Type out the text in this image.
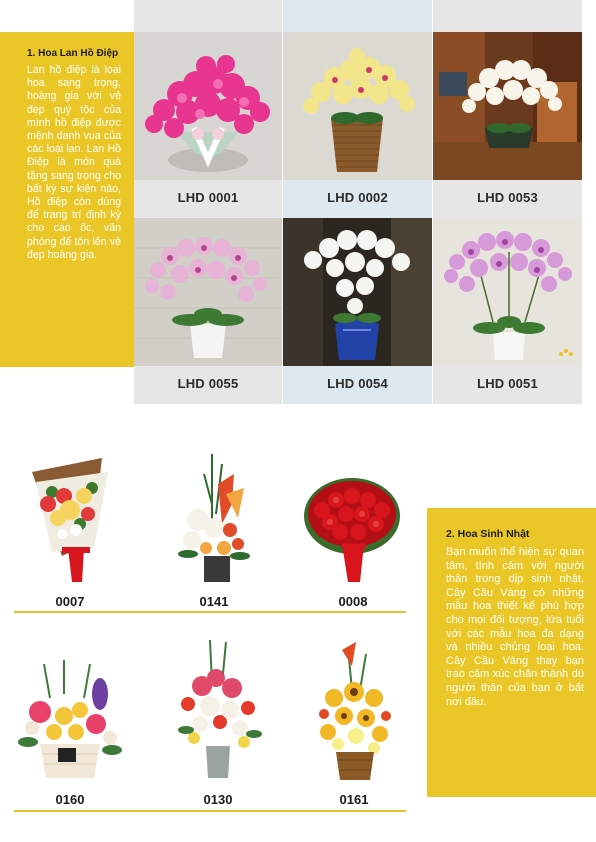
1. Hoa Lan Hồ Điệp
Lan hồ điệp là loại hoa sang trọng, hoàng gia với vẻ đẹp quý tộc của mình hồ điệp được mệnh danh vua của các loại lan. Lan Hồ Điệp là món quà tặng sang trọng cho bất kỳ sự kiện nào, Hồ điệp còn dùng để trang trí định kỳ cho cao ốc, văn phòng để tôn lên vẻ đẹp hoàng gia.
LHD 0001	LHD 0002	LHD 0053
LHD 0055	LHD 0054	LHD 0051
0007	0141	0008
0160	0130	0161
2. Hoa Sinh Nhật
Bạn muốn thể hiện sự quan tâm, tình cảm với người thân trong dịp sinh nhật, Cây Cầu Vàng có những mẫu hoa thiết kế phù hợp cho mọi đối tượng, lứa tuổi với các mẫu hoa đa dạng và nhiều chủng loại hoa. Cây Cầu Vàng thay bạn trao cảm xúc chân thành dù người thân của bạn ở bất nơi đâu.
